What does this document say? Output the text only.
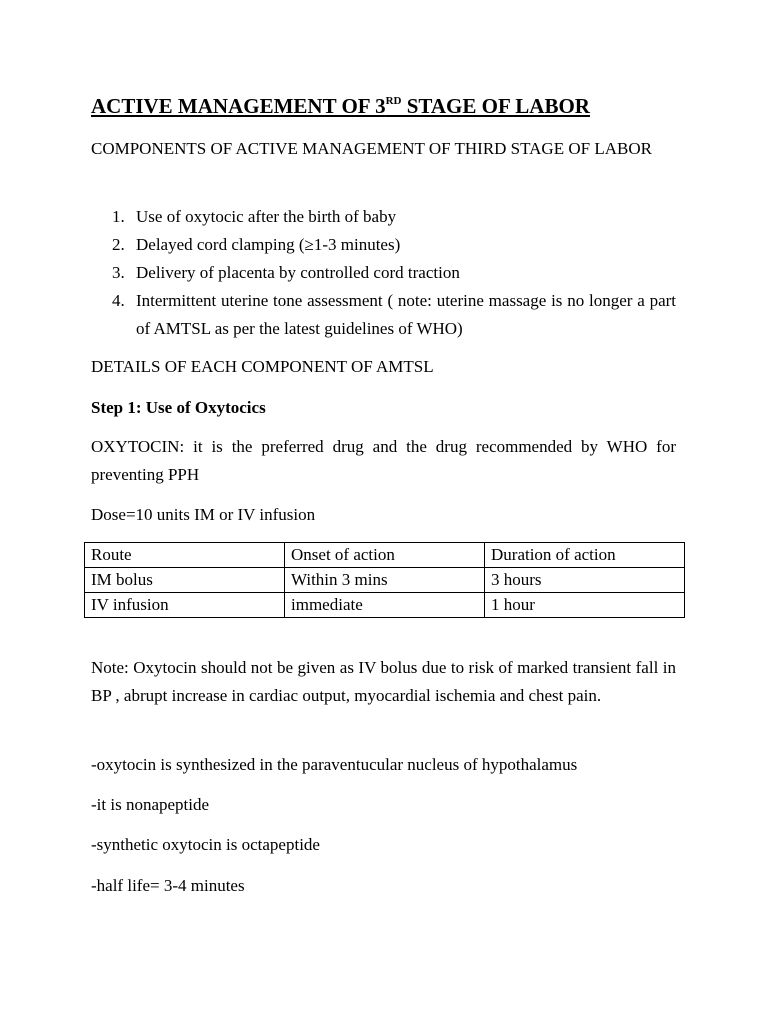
ACTIVE MANAGEMENT OF 3RD STAGE OF LABOR

COMPONENTS OF ACTIVE MANAGEMENT OF THIRD STAGE OF LABOR

1. Use of oxytocic after the birth of baby
2. Delayed cord clamping (≥1-3 minutes)
3. Delivery of placenta by controlled cord traction
4. Intermittent uterine tone assessment ( note: uterine massage is no longer a part of AMTSL as per the latest guidelines of WHO)

DETAILS OF EACH COMPONENT OF AMTSL

Step 1: Use of Oxytocics

OXYTOCIN: it is the preferred drug and the drug recommended by WHO for preventing PPH

Dose=10 units IM or IV infusion

Route	Onset of action	Duration of action
IM bolus	Within 3 mins	3 hours
IV infusion	immediate	1 hour

Note: Oxytocin should not be given as IV bolus due to risk of marked transient fall in BP , abrupt increase in cardiac output, myocardial ischemia and chest pain.

-oxytocin is synthesized in the paraventucular nucleus of hypothalamus

-it is nonapeptide

-synthetic oxytocin is octapeptide

-half life= 3-4 minutes
